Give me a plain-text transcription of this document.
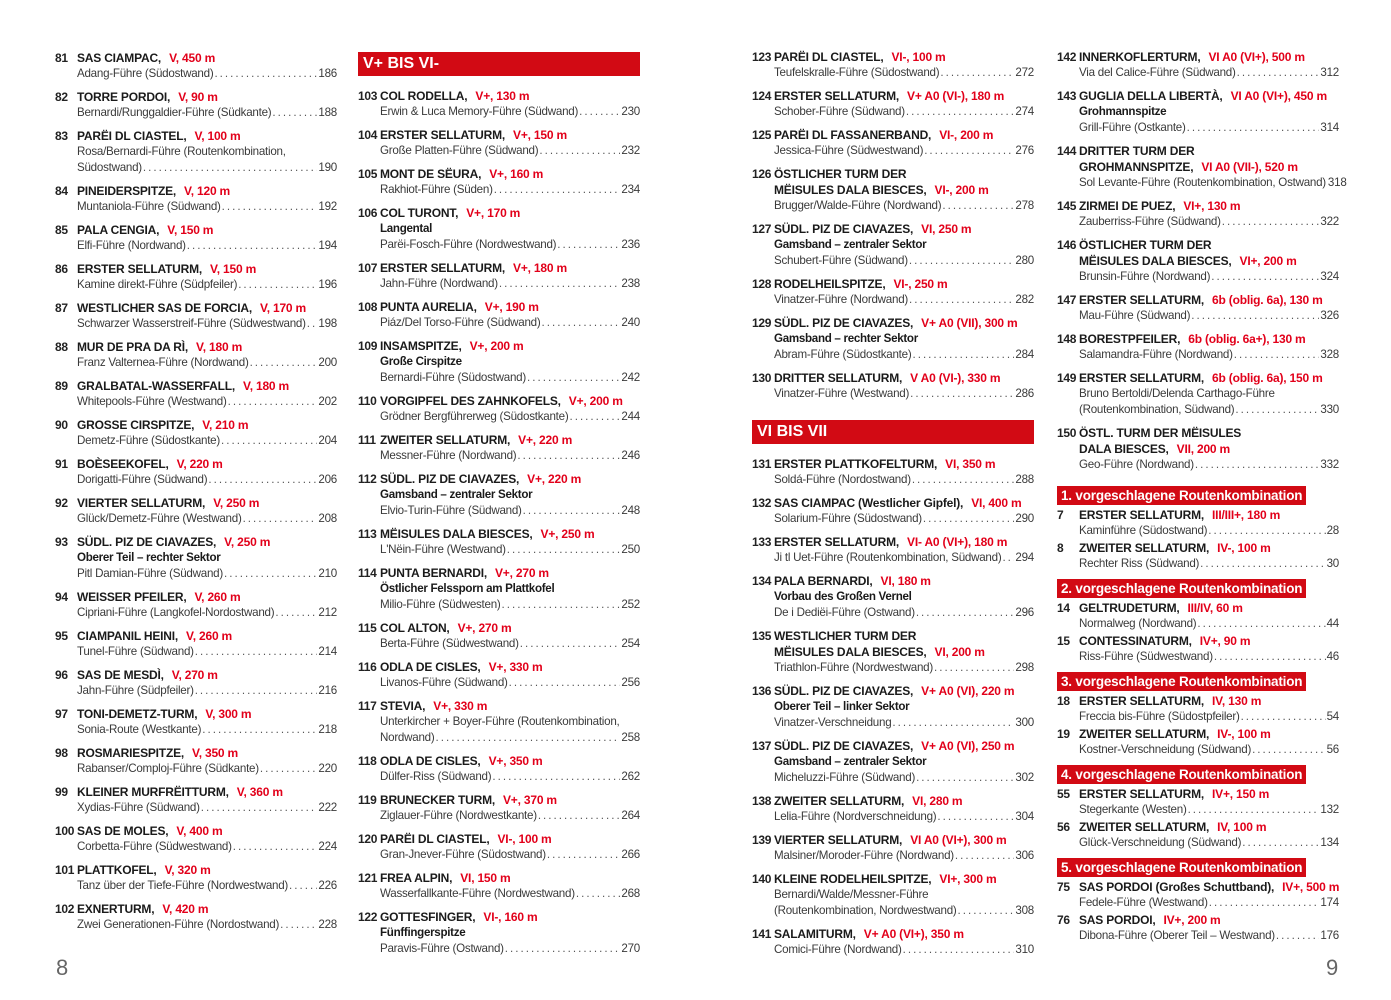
81 SAS CIAMPAC, V, 450 m
Adang-Führe (Südostwand) . . .	186
82 TORRE PORDOI, V, 90 m
Bernardi/Runggaldier-Führe (Südkante) . . .	188
83 PARËI DL CIASTEL, V, 100 m
Rosa/Bernardi-Führe (Routenkombination,
Südostwand) . . .	190
84 PINEIDERSPITZE, V, 120 m
Muntaniola-Führe (Südwand) . . .	192
85 PALA CENGIA, V, 150 m
Elfi-Führe (Nordwand) . . .	194
86 ERSTER SELLATURM, V, 150 m
Kamine direkt-Führe (Südpfeiler) . . .	196
87 WESTLICHER SAS DE FORCIA, V, 170 m
Schwarzer Wasserstreif-Führe (Südwestwand) . . . 198
88 MUR DE PRA DA RÌ, V, 180 m
Franz Valternea-Führe (Nordwand) . . .	200
89 GRALBATAL-WASSERFALL, V, 180 m
Whitepools-Führe (Westwand) . . .	202
90 GROSSE CIRSPITZE, V, 210 m
Demetz-Führe (Südostkante) . . .	204
91 BOÈSEEKOFEL, V, 220 m
Dorigatti-Führe (Südwand) . . .	206
92 VIERTER SELLATURM, V, 250 m
Glück/Demetz-Führe (Westwand) . . .	208
93 SÜDL. PIZ DE CIAVAZES, V, 250 m
Oberer Teil – rechter Sektor
Pitl Damian-Führe (Südwand) . . .	210
94 WEISSER PFEILER, V, 260 m
Cipriani-Führe (Langkofel-Nordostwand) . . .	212
95 CIAMPANIL HEINI, V, 260 m
Tunel-Führe (Südwand) . . .	214
96 SAS DE MESDÌ, V, 270 m
Jahn-Führe (Südpfeiler) . . .	216
97 TONI-DEMETZ-TURM, V, 300 m
Sonia-Route (Westkante) . . .	218
98 ROSMARIESPITZE, V, 350 m
Rabanser/Comploj-Führe (Südkante) . . .	220
99 KLEINER MURFRËITTURM, V, 360 m
Xydias-Führe (Südwand) . . .	222
100 SAS DE MOLES, V, 400 m
Corbetta-Führe (Südwestwand) . . .	224
101 PLATTKOFEL, V, 320 m
Tanz über der Tiefe-Führe (Nordwestwand) . . .	226
102 EXNERTURM, V, 420 m
Zwei Generationen-Führe (Nordostwand) . . .	228
V+ BIS VI-
103 COL RODELLA, V+, 130 m
Erwin & Luca Memory-Führe (Südwand) . . .	230
104 ERSTER SELLATURM, V+, 150 m
Große Platten-Führe (Südwand) . . .	232
105 MONT DE SËURA, V+, 160 m
Rakhiot-Führe (Süden) . . .	234
106 COL TURONT, V+, 170 m
Langental
Parëi-Fosch-Führe (Nordwestwand) . . .	236
107 ERSTER SELLATURM, V+, 180 m
Jahn-Führe (Nordwand) . . .	238
108 PUNTA AURELIA, V+, 190 m
Piáz/Del Torso-Führe (Südwand) . . .	240
109 INSAMSPITZE, V+, 200 m
Große Cirspitze
Bernardi-Führe (Südostwand) . . .	242
110 VORGIPFEL DES ZAHNKOFELS, V+, 200 m
Grödner Bergführerweg (Südostkante) . . .	244
111 ZWEITER SELLATURM, V+, 220 m
Messner-Führe (Nordwand) . . .	246
112 SÜDL. PIZ DE CIAVAZES, V+, 220 m
Gamsband – zentraler Sektor
Elvio-Turin-Führe (Südwand) . . .	248
113 MËISULES DALA BIESCES, V+, 250 m
L'Nëin-Führe (Westwand) . . .	250
114 PUNTA BERNARDI, V+, 270 m
Östlicher Felssporn am Plattkofel
Milio-Führe (Südwesten) . . .	252
115 COL ALTON, V+, 270 m
Berta-Führe (Südwestwand) . . .	254
116 ODLA DE CISLES, V+, 330 m
Livanos-Führe (Südwand) . . .	256
117 STEVIA, V+, 330 m
Unterkircher + Boyer-Führe (Routenkombination,
Nordwand) . . .	258
118 ODLA DE CISLES, V+, 350 m
Dülfer-Riss (Südwand) . . .	262
119 BRUNECKER TURM, V+, 370 m
Ziglauer-Führe (Nordwestkante) . . .	264
120 PARËI DL CIASTEL, VI-, 100 m
Gran-Jnever-Führe (Südostwand) . . .	266
121 FREA ALPIN, VI, 150 m
Wasserfallkante-Führe (Nordwestwand) . . .	268
122 GOTTESFINGER, VI-, 160 m
Fünffingerspitze
Paravis-Führe (Ostwand) . . .	270
123 PARËI DL CIASTEL, VI-, 100 m
Teufelskralle-Führe (Südostwand) . . .	272
124 ERSTER SELLATURM, V+ A0 (VI-), 180 m
Schober-Führe (Südwand) . . .	274
125 PARËI DL FASSANERBAND, VI-, 200 m
Jessica-Führe (Südwestwand) . . .	276
126 ÖSTLICHER TURM DER
MËISULES DALA BIESCES, VI-, 200 m
Brugger/Walde-Führe (Nordwand) . . .	278
127 SÜDL. PIZ DE CIAVAZES, VI, 250 m
Gamsband – zentraler Sektor
Schubert-Führe (Südwand) . . .	280
128 RODELHEILSPITZE, VI-, 250 m
Vinatzer-Führe (Nordwand) . . .	282
129 SÜDL. PIZ DE CIAVAZES, V+ A0 (VII), 300 m
Gamsband – rechter Sektor
Abram-Führe (Südostkante) . . .	284
130 DRITTER SELLATURM, V A0 (VI-), 330 m
Vinatzer-Führe (Westwand) . . .	286
VI BIS VII
131 ERSTER PLATTKOFELTURM, VI, 350 m
Soldá-Führe (Nordostwand) . . .	288
132 SAS CIAMPAC (Westlicher Gipfel), VI, 400 m
Solarium-Führe (Südostwand) . . .	290
133 ERSTER SELLATURM, VI- A0 (VI+), 180 m
Ji tl Uet-Führe (Routenkombination, Südwand) . . . 294
134 PALA BERNARDI, VI, 180 m
Vorbau des Großen Vernel
De i Dediëi-Führe (Ostwand) . . .	296
135 WESTLICHER TURM DER
MËISULES DALA BIESCES, VI, 200 m
Triathlon-Führe (Nordwestwand) . . .	298
136 SÜDL. PIZ DE CIAVAZES, V+ A0 (VI), 220 m
Oberer Teil – linker Sektor
Vinatzer-Verschneidung . . .	300
137 SÜDL. PIZ DE CIAVAZES, V+ A0 (VI), 250 m
Gamsband – zentraler Sektor
Micheluzzi-Führe (Südwand) . . .	302
138 ZWEITER SELLATURM, VI, 280 m
Lelia-Führe (Nordverschneidung) . . .	304
139 VIERTER SELLATURM, VI A0 (VI+), 300 m
Malsiner/Moroder-Führe (Nordwand) . . .	306
140 KLEINE RODELHEILSPITZE, VI+, 300 m
Bernardi/Walde/Messner-Führe
(Routenkombination, Nordwestwand) . . .	308
141 SALAMITURM, V+ A0 (VI+), 350 m
Comici-Führe (Nordwand) . . .	310
142 INNERKOFLERTURM, VI A0 (VI+), 500 m
Via del Calice-Führe (Südwand) . . .	312
143 GUGLIA DELLA LIBERTÀ, VI A0 (VI+), 450 m
Grohmannspitze
Grill-Führe (Ostkante) . . .	314
144 DRITTER TURM DER
GROHMANNSPITZE, VI A0 (VII-), 520 m
Sol Levante-Führe (Routenkombination, Ostwand) 318
145 ZIRMEI DE PUEZ, VI+, 130 m
Zauberriss-Führe (Südwand) . . .	322
146 ÖSTLICHER TURM DER
MËISULES DALA BIESCES, VI+, 200 m
Brunsin-Führe (Nordwand) . . .	324
147 ERSTER SELLATURM, 6b (oblig. 6a), 130 m
Mau-Führe (Südwand) . . .	326
148 BORESTPFEILER, 6b (oblig. 6a+), 130 m
Salamandra-Führe (Nordwand) . . .	328
149 ERSTER SELLATURM, 6b (oblig. 6a), 150 m
Bruno Bertoldi/Delenda Carthago-Führe
(Routenkombination, Südwand) . . .	330
150 ÖSTL. TURM DER MËISULES
DALA BIESCES, VII, 200 m
Geo-Führe (Nordwand) . . .	332
1. vorgeschlagene Routenkombination
7	ERSTER SELLATURM, III/III+, 180 m
Kaminführe (Südostwand) . . .	28
8	ZWEITER SELLATURM, IV-, 100 m
Rechter Riss (Südwand) . . .	30
2. vorgeschlagene Routenkombination
14 GELTRUDETURM, III/IV, 60 m
Normalweg (Nordwand) . . .	44
15 CONTESSINATURM, IV+, 90 m
Riss-Führe (Südwestwand) . . .	46
3. vorgeschlagene Routenkombination
18 ERSTER SELLATURM, IV, 130 m
Freccia bis-Führe (Südostpfeiler) . . .	54
19 ZWEITER SELLATURM, IV-, 100 m
Kostner-Verschneidung (Südwand) . . .	56
4. vorgeschlagene Routenkombination
55 ERSTER SELLATURM, IV+, 150 m
Stegerkante (Westen) . . .	132
56 ZWEITER SELLATURM, IV, 100 m
Glück-Verschneidung (Südwand) . . .	134
5. vorgeschlagene Routenkombination
75 SAS PORDOI (Großes Schuttband), IV+, 500 m
Fedele-Führe (Westwand) . . .	174
76 SAS PORDOI, IV+, 200 m
Dibona-Führe (Oberer Teil – Westwand) . . .	176
8	9
